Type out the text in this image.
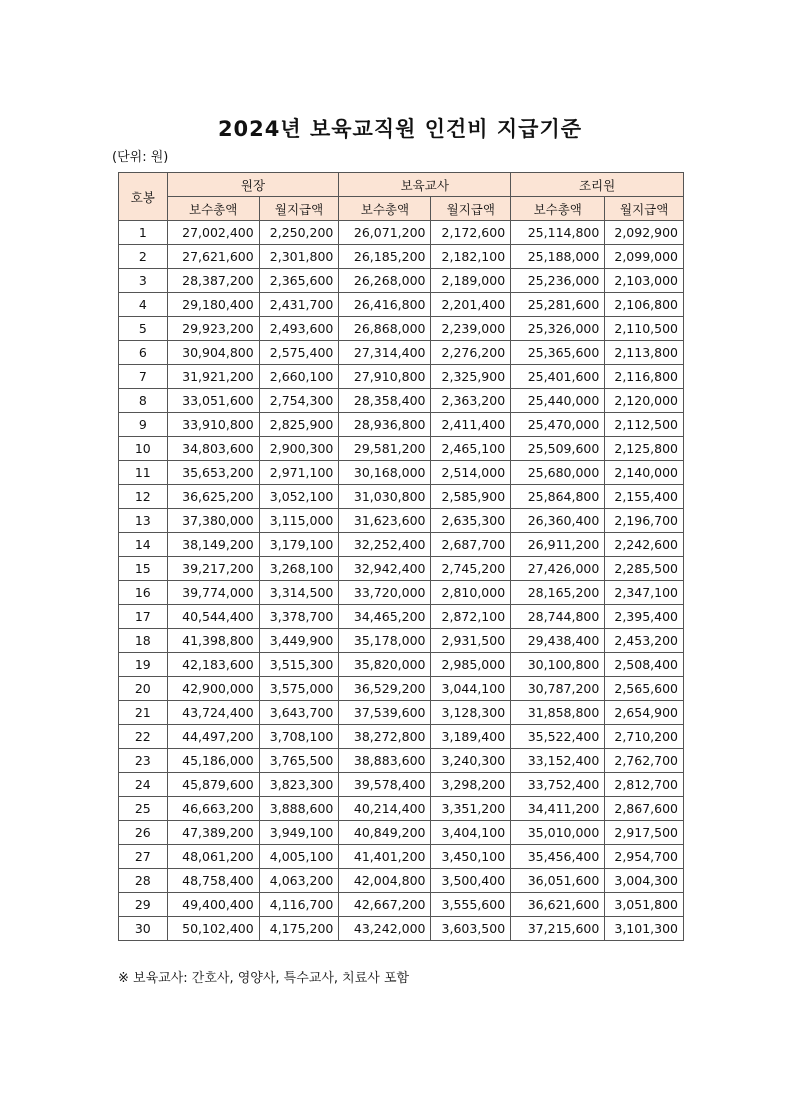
2024년 보육교직원 인건비 지급기준
(단위: 원)
호봉	원장		보육교사		조리원	
	보수총액	월지급액	보수총액	월지급액	보수총액	월지급액
1	27,002,400	2,250,200	26,071,200	2,172,600	25,114,800	2,092,900
2	27,621,600	2,301,800	26,185,200	2,182,100	25,188,000	2,099,000
3	28,387,200	2,365,600	26,268,000	2,189,000	25,236,000	2,103,000
4	29,180,400	2,431,700	26,416,800	2,201,400	25,281,600	2,106,800
5	29,923,200	2,493,600	26,868,000	2,239,000	25,326,000	2,110,500
6	30,904,800	2,575,400	27,314,400	2,276,200	25,365,600	2,113,800
7	31,921,200	2,660,100	27,910,800	2,325,900	25,401,600	2,116,800
8	33,051,600	2,754,300	28,358,400	2,363,200	25,440,000	2,120,000
9	33,910,800	2,825,900	28,936,800	2,411,400	25,470,000	2,112,500
10	34,803,600	2,900,300	29,581,200	2,465,100	25,509,600	2,125,800
11	35,653,200	2,971,100	30,168,000	2,514,000	25,680,000	2,140,000
12	36,625,200	3,052,100	31,030,800	2,585,900	25,864,800	2,155,400
13	37,380,000	3,115,000	31,623,600	2,635,300	26,360,400	2,196,700
14	38,149,200	3,179,100	32,252,400	2,687,700	26,911,200	2,242,600
15	39,217,200	3,268,100	32,942,400	2,745,200	27,426,000	2,285,500
16	39,774,000	3,314,500	33,720,000	2,810,000	28,165,200	2,347,100
17	40,544,400	3,378,700	34,465,200	2,872,100	28,744,800	2,395,400
18	41,398,800	3,449,900	35,178,000	2,931,500	29,438,400	2,453,200
19	42,183,600	3,515,300	35,820,000	2,985,000	30,100,800	2,508,400
20	42,900,000	3,575,000	36,529,200	3,044,100	30,787,200	2,565,600
21	43,724,400	3,643,700	37,539,600	3,128,300	31,858,800	2,654,900
22	44,497,200	3,708,100	38,272,800	3,189,400	35,522,400	2,710,200
23	45,186,000	3,765,500	38,883,600	3,240,300	33,152,400	2,762,700
24	45,879,600	3,823,300	39,578,400	3,298,200	33,752,400	2,812,700
25	46,663,200	3,888,600	40,214,400	3,351,200	34,411,200	2,867,600
26	47,389,200	3,949,100	40,849,200	3,404,100	35,010,000	2,917,500
27	48,061,200	4,005,100	41,401,200	3,450,100	35,456,400	2,954,700
28	48,758,400	4,063,200	42,004,800	3,500,400	36,051,600	3,004,300
29	49,400,400	4,116,700	42,667,200	3,555,600	36,621,600	3,051,800
30	50,102,400	4,175,200	43,242,000	3,603,500	37,215,600	3,101,300
※ 보육교사: 간호사, 영양사, 특수교사, 치료사 포함
